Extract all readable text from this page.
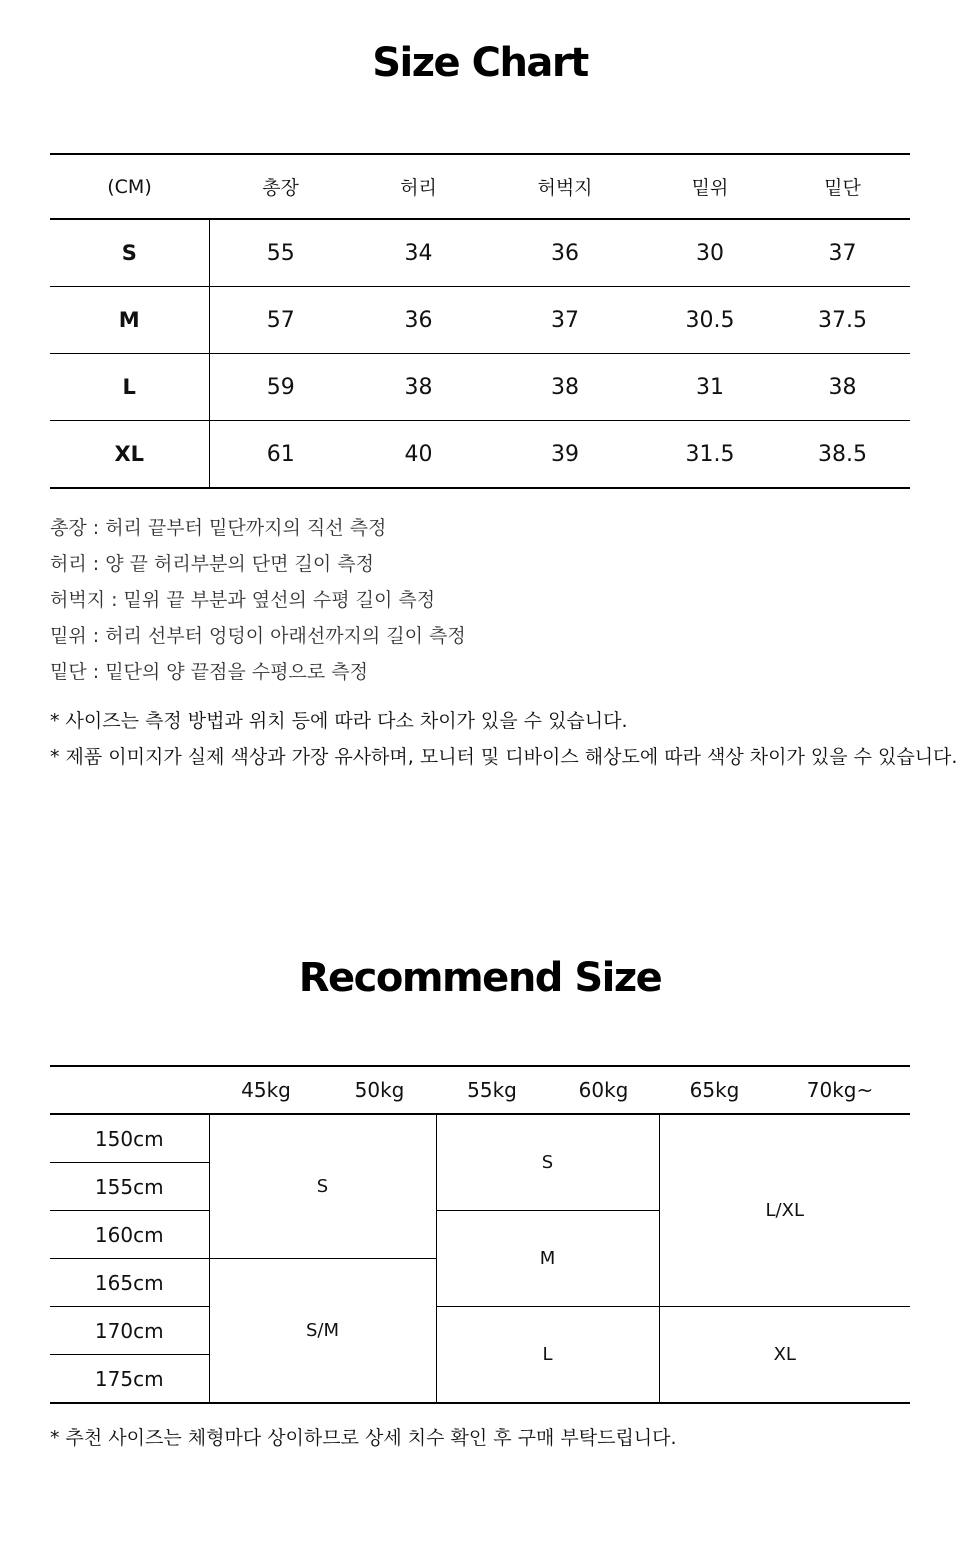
Size Chart
(CM)	총장	허리	허벅지	밑위	밑단
S	55	34	36	30	37
M	57	36	37	30.5	37.5
L	59	38	38	31	38
XL	61	40	39	31.5	38.5
총장 : 허리 끝부터 밑단까지의 직선 측정
허리 : 양 끝 허리부분의 단면 길이 측정
허벅지 : 밑위 끝 부분과 옆선의 수평 길이 측정
밑위 : 허리 선부터 엉덩이 아래선까지의 길이 측정
밑단 : 밑단의 양 끝점을 수평으로 측정
* 사이즈는 측정 방법과 위치 등에 따라 다소 차이가 있을 수 있습니다.
* 제품 이미지가 실제 색상과 가장 유사하며, 모니터 및 디바이스 해상도에 따라 색상 차이가 있을 수 있습니다.
Recommend Size
	45kg	50kg	55kg	60kg	65kg	70kg~
150cm	S		S		L/XL	
155cm						
160cm			M			
165cm	S/M					
170cm			L		XL	
175cm						
* 추천 사이즈는 체형마다 상이하므로 상세 치수 확인 후 구매 부탁드립니다.
